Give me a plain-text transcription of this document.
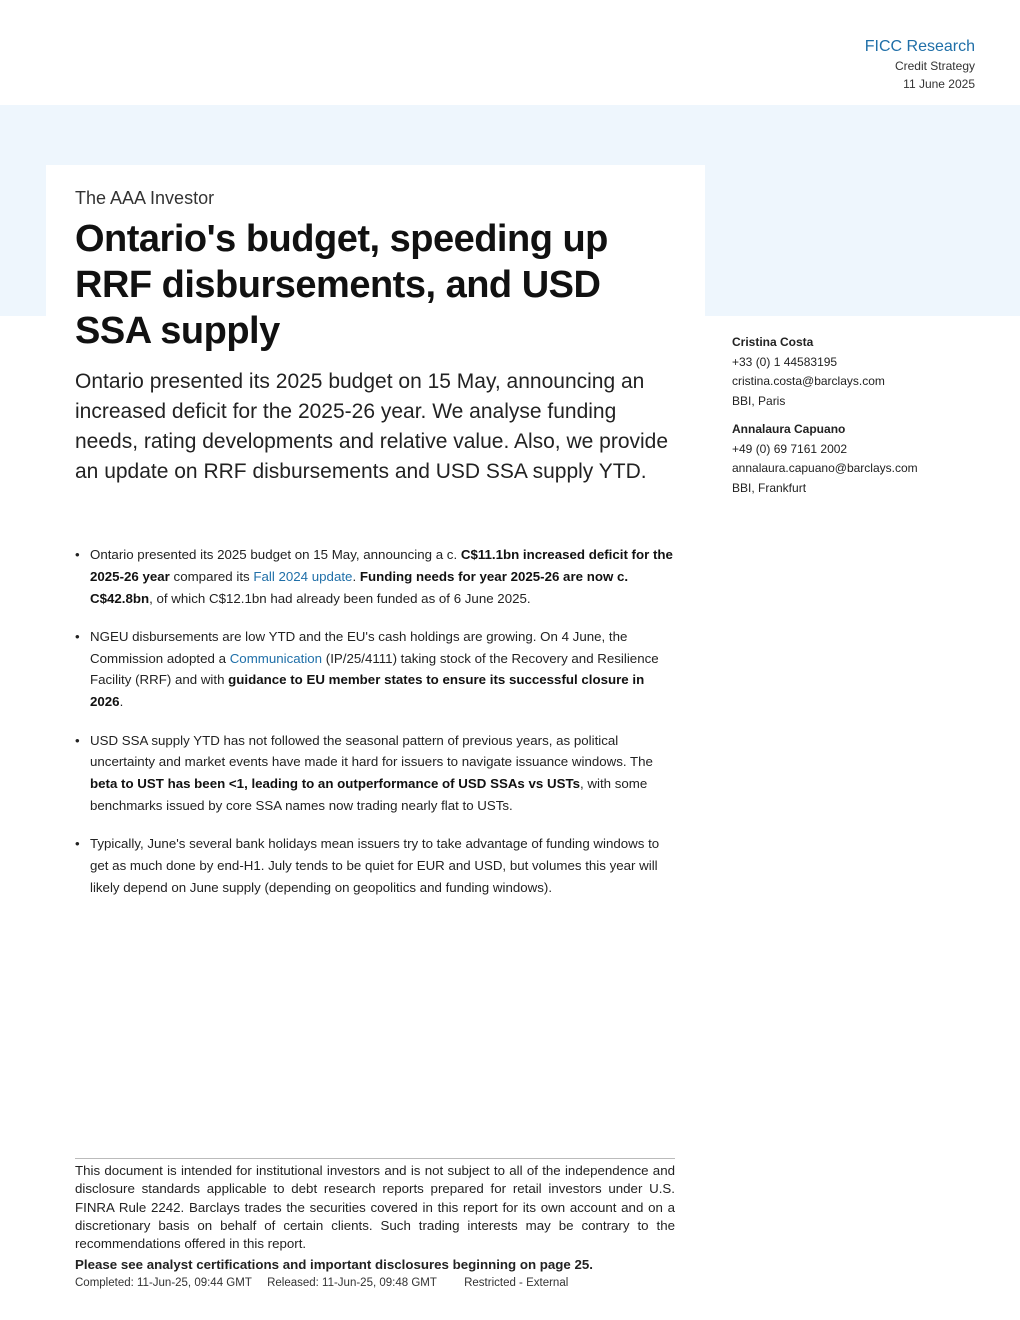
FICC Research
Credit Strategy
11 June 2025
The AAA Investor
Ontario's budget, speeding up RRF disbursements, and USD SSA supply

Ontario presented its 2025 budget on 15 May, announcing an increased deficit for the 2025-26 year. We analyse funding needs, rating developments and relative value. Also, we provide an update on RRF disbursements and USD SSA supply YTD.

• Ontario presented its 2025 budget on 15 May, announcing a c. C$11.1bn increased deficit for the 2025-26 year compared its Fall 2024 update. Funding needs for year 2025-26 are now c. C$42.8bn, of which C$12.1bn had already been funded as of 6 June 2025.
• NGEU disbursements are low YTD and the EU's cash holdings are growing. On 4 June, the Commission adopted a Communication (IP/25/4111) taking stock of the Recovery and Resilience Facility (RRF) and with guidance to EU member states to ensure its successful closure in 2026.
• USD SSA supply YTD has not followed the seasonal pattern of previous years, as political uncertainty and market events have made it hard for issuers to navigate issuance windows. The beta to UST has been <1, leading to an outperformance of USD SSAs vs USTs, with some benchmarks issued by core SSA names now trading nearly flat to USTs.
• Typically, June's several bank holidays mean issuers try to take advantage of funding windows to get as much done by end-H1. July tends to be quiet for EUR and USD, but volumes this year will likely depend on June supply (depending on geopolitics and funding windows).
Cristina Costa
+33 (0) 1 44583195
cristina.costa@barclays.com
BBI, Paris
Annalaura Capuano
+49 (0) 69 7161 2002
annalaura.capuano@barclays.com
BBI, Frankfurt
This document is intended for institutional investors and is not subject to all of the independence and disclosure standards applicable to debt research reports prepared for retail investors under U.S. FINRA Rule 2242. Barclays trades the securities covered in this report for its own account and on a discretionary basis on behalf of certain clients. Such trading interests may be contrary to the recommendations offered in this report.
Please see analyst certifications and important disclosures beginning on page 25.
Completed: 11-Jun-25, 09:44 GMT Released: 11-Jun-25, 09:48 GMT Restricted - External
